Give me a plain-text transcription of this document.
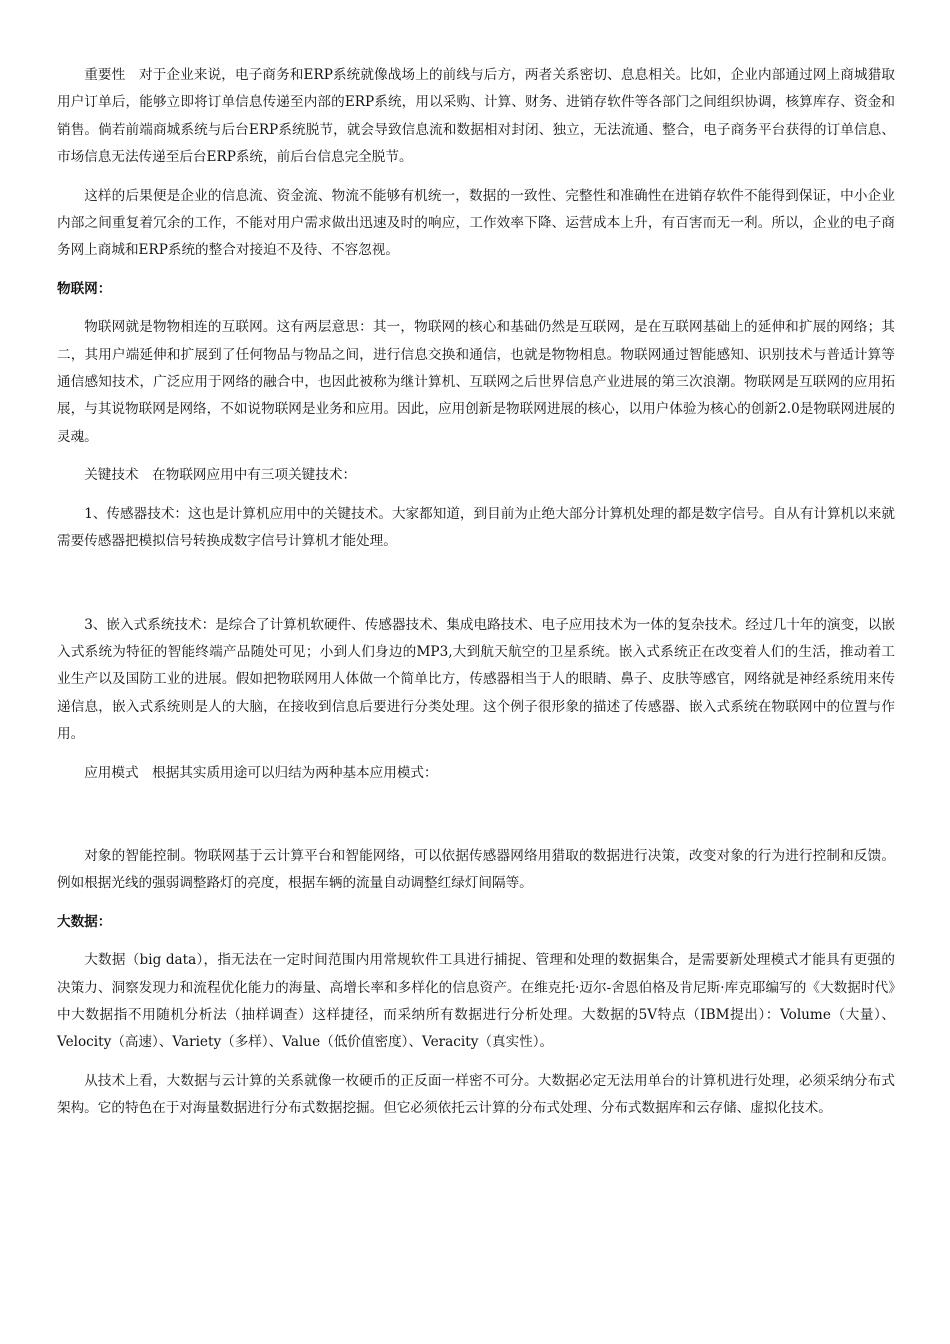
重要性　对于企业来说，电子商务和ERP系统就像战场上的前线与后方，两者关系密切、息息相关。比如，企业内部通过网上商城猎取用户订单后，能够立即将订单信息传递至内部的ERP系统，用以采购、计算、财务、进销存软件等各部门之间组织协调，核算库存、资金和销售。倘若前端商城系统与后台ERP系统脱节，就会导致信息流和数据相对封闭、独立，无法流通、整合，电子商务平台获得的订单信息、市场信息无法传递至后台ERP系统，前后台信息完全脱节。

这样的后果便是企业的信息流、资金流、物流不能够有机统一，数据的一致性、完整性和准确性在进销存软件不能得到保证，中小企业内部之间重复着冗余的工作，不能对用户需求做出迅速及时的响应，工作效率下降、运营成本上升，有百害而无一利。所以，企业的电子商务网上商城和ERP系统的整合对接迫不及待、不容忽视。

物联网：

物联网就是物物相连的互联网。这有两层意思：其一，物联网的核心和基础仍然是互联网，是在互联网基础上的延伸和扩展的网络；其二，其用户端延伸和扩展到了任何物品与物品之间，进行信息交换和通信，也就是物物相息。物联网通过智能感知、识别技术与普适计算等通信感知技术，广泛应用于网络的融合中，也因此被称为继计算机、互联网之后世界信息产业进展的第三次浪潮。物联网是互联网的应用拓展，与其说物联网是网络，不如说物联网是业务和应用。因此，应用创新是物联网进展的核心，以用户体验为核心的创新2.0是物联网进展的灵魂。

关键技术　在物联网应用中有三项关键技术：

1、传感器技术：这也是计算机应用中的关键技术。大家都知道，到目前为止绝大部分计算机处理的都是数字信号。自从有计算机以来就需要传感器把模拟信号转换成数字信号计算机才能处理。

3、嵌入式系统技术：是综合了计算机软硬件、传感器技术、集成电路技术、电子应用技术为一体的复杂技术。经过几十年的演变，以嵌入式系统为特征的智能终端产品随处可见；小到人们身边的MP3,大到航天航空的卫星系统。嵌入式系统正在改变着人们的生活，推动着工业生产以及国防工业的进展。假如把物联网用人体做一个简单比方，传感器相当于人的眼睛、鼻子、皮肤等感官，网络就是神经系统用来传递信息，嵌入式系统则是人的大脑，在接收到信息后要进行分类处理。这个例子很形象的描述了传感器、嵌入式系统在物联网中的位置与作用。

应用模式　根据其实质用途可以归结为两种基本应用模式：

对象的智能控制。物联网基于云计算平台和智能网络，可以依据传感器网络用猎取的数据进行决策，改变对象的行为进行控制和反馈。例如根据光线的强弱调整路灯的亮度，根据车辆的流量自动调整红绿灯间隔等。

大数据：

大数据（big data），指无法在一定时间范围内用常规软件工具进行捕捉、管理和处理的数据集合，是需要新处理模式才能具有更强的决策力、洞察发现力和流程优化能力的海量、高增长率和多样化的信息资产。在维克托·迈尔-舍恩伯格及肯尼斯·库克耶编写的《大数据时代》中大数据指不用随机分析法（抽样调查）这样捷径，而采纳所有数据进行分析处理。大数据的5V特点（IBM提出）：Volume（大量）、Velocity（高速）、Variety（多样）、Value（低价值密度）、Veracity（真实性）。

从技术上看，大数据与云计算的关系就像一枚硬币的正反面一样密不可分。大数据必定无法用单台的计算机进行处理，必须采纳分布式架构。它的特色在于对海量数据进行分布式数据挖掘。但它必须依托云计算的分布式处理、分布式数据库和云存储、虚拟化技术。
